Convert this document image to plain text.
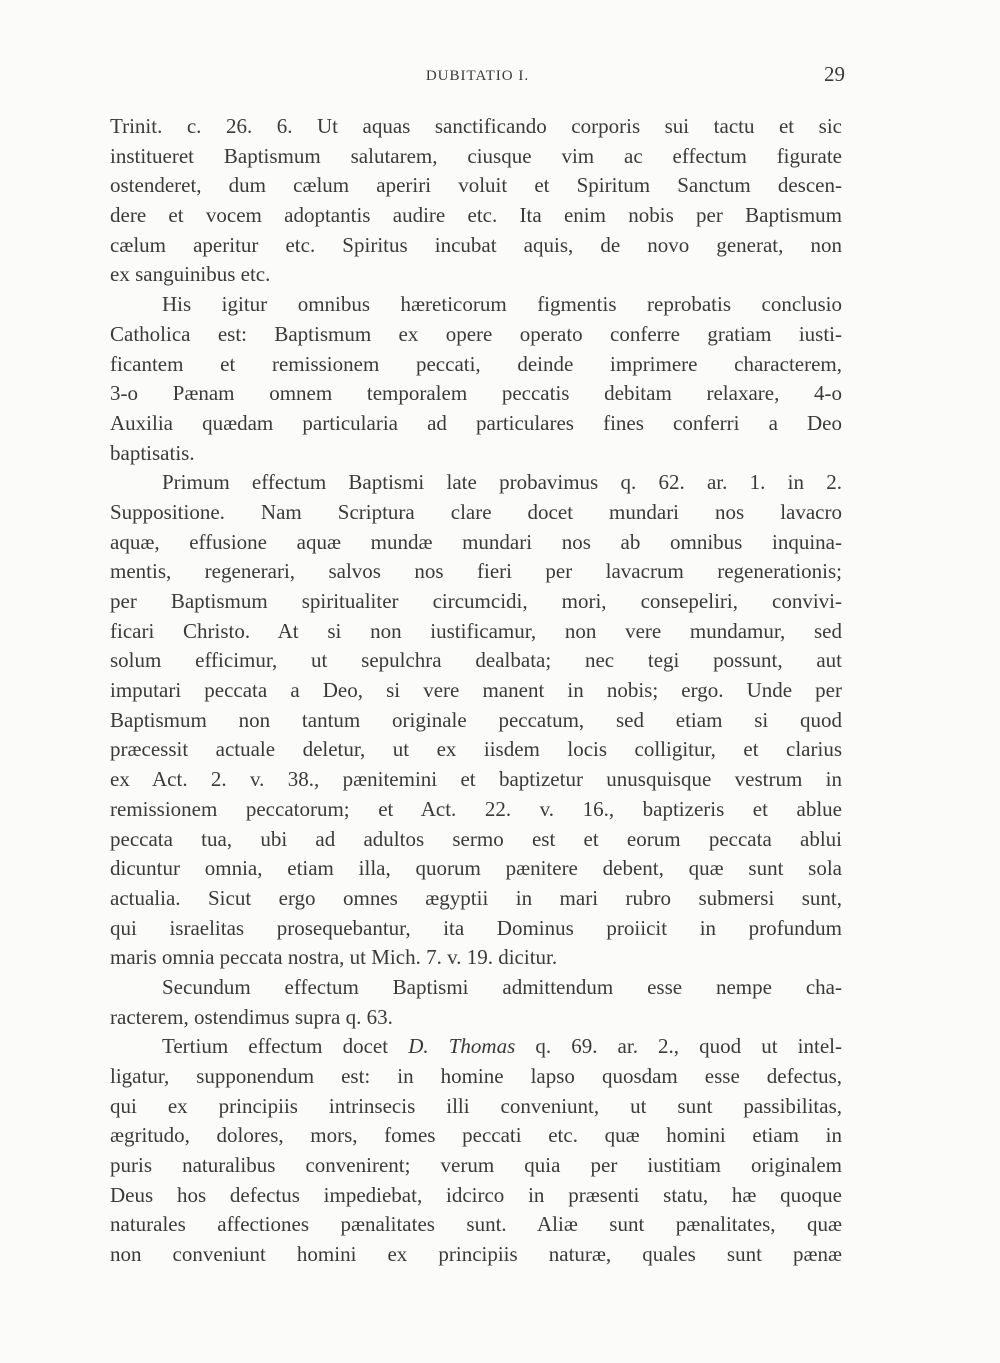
DUBITATIO I.	29
Trinit. c. 26. 6. Ut aquas sanctificando corporis sui tactu et sic
institueret Baptismum salutarem, ciusque vim ac effectum figurate
ostenderet, dum cælum aperiri voluit et Spiritum Sanctum descen-
dere et vocem adoptantis audire etc. Ita enim nobis per Baptismum
cælum aperitur etc. Spiritus incubat aquis, de novo generat, non
ex sanguinibus etc.
His igitur omnibus hæreticorum figmentis reprobatis conclusio
Catholica est: Baptismum ex opere operato conferre gratiam iusti-
ficantem et remissionem peccati, deinde imprimere characterem,
3-o Pænam omnem temporalem peccatis debitam relaxare, 4-o
Auxilia quædam particularia ad particulares fines conferri a Deo
baptisatis.
Primum effectum Baptismi late probavimus q. 62. ar. 1. in 2.
Suppositione. Nam Scriptura clare docet mundari nos lavacro
aquæ, effusione aquæ mundæ mundari nos ab omnibus inquina-
mentis, regenerari, salvos nos fieri per lavacrum regenerationis;
per Baptismum spiritualiter circumcidi, mori, consepeliri, convivi-
ficari Christo. At si non iustificamur, non vere mundamur, sed
solum efficimur, ut sepulchra dealbata; nec tegi possunt, aut
imputari peccata a Deo, si vere manent in nobis; ergo. Unde per
Baptismum non tantum originale peccatum, sed etiam si quod
præcessit actuale deletur, ut ex iisdem locis colligitur, et clarius
ex Act. 2. v. 38., pænitemini et baptizetur unusquisque vestrum in
remissionem peccatorum; et Act. 22. v. 16., baptizeris et ablue
peccata tua, ubi ad adultos sermo est et eorum peccata ablui
dicuntur omnia, etiam illa, quorum pænitere debent, quæ sunt sola
actualia. Sicut ergo omnes ægyptii in mari rubro submersi sunt,
qui israelitas prosequebantur, ita Dominus proiicit in profundum
maris omnia peccata nostra, ut Mich. 7. v. 19. dicitur.
Secundum effectum Baptismi admittendum esse nempe cha-
racterem, ostendimus supra q. 63.
Tertium effectum docet D. Thomas q. 69. ar. 2., quod ut intel-
ligatur, supponendum est: in homine lapso quosdam esse defectus,
qui ex principiis intrinsecis illi conveniunt, ut sunt passibilitas,
ægritudo, dolores, mors, fomes peccati etc. quæ homini etiam in
puris naturalibus convenirent; verum quia per iustitiam originalem
Deus hos defectus impediebat, idcirco in præsenti statu, hæ quoque
naturales affectiones pænalitates sunt. Aliæ sunt pænalitates, quæ
non conveniunt homini ex principiis naturæ, quales sunt pænæ
